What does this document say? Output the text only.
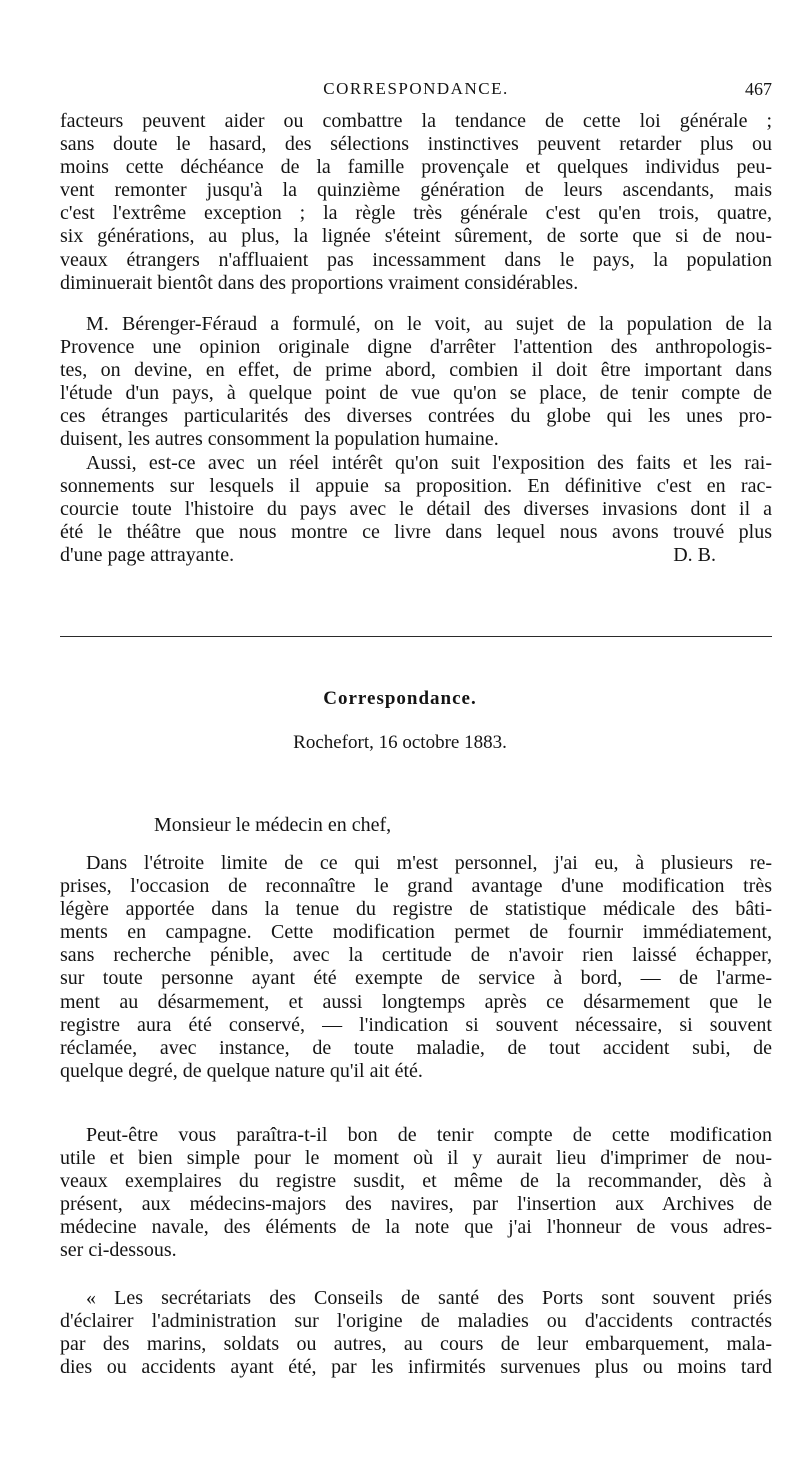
CORRESPONDANCE.	467

facteurs peuvent aider ou combattre la tendance de cette loi générale ;

sans doute le hasard, des sélections instinctives peuvent retarder plus ou

moins cette déchéance de la famille provençale et quelques individus peu-

vent remonter jusqu'à la quinzième génération de leurs ascendants, mais

c'est l'extrême exception ; la règle très générale c'est qu'en trois, quatre,

six générations, au plus, la lignée s'éteint sûrement, de sorte que si de nou-

veaux étrangers n'affluaient pas incessamment dans le pays, la population

diminuerait bientôt dans des proportions vraiment considérables.

M. Bérenger-Féraud a formulé, on le voit, au sujet de la population de la

Provence une opinion originale digne d'arrêter l'attention des anthropologis-

tes, on devine, en effet, de prime abord, combien il doit être important dans

l'étude d'un pays, à quelque point de vue qu'on se place, de tenir compte de

ces étranges particularités des diverses contrées du globe qui les unes pro-

duisent, les autres consomment la population humaine.

Aussi, est-ce avec un réel intérêt qu'on suit l'exposition des faits et les rai-

sonnements sur lesquels il appuie sa proposition. En définitive c'est en rac-

courcie toute l'histoire du pays avec le détail des diverses invasions dont il a

été le théâtre que nous montre ce livre dans lequel nous avons trouvé plus

d'une page attrayante.	D. B.

Correspondance.
Rochefort, 16 octobre 1883.
Monsieur le médecin en chef,

Dans l'étroite limite de ce qui m'est personnel, j'ai eu, à plusieurs re-

prises, l'occasion de reconnaître le grand avantage d'une modification très

légère apportée dans la tenue du registre de statistique médicale des bâti-

ments en campagne. Cette modification permet de fournir immédiatement,

sans recherche pénible, avec la certitude de n'avoir rien laissé échapper,

sur toute personne ayant été exempte de service à bord, — de l'arme-

ment au désarmement, et aussi longtemps après ce désarmement que le

registre aura été conservé, — l'indication si souvent nécessaire, si souvent

réclamée, avec instance, de toute maladie, de tout accident subi, de

quelque degré, de quelque nature qu'il ait été.

Peut-être vous paraîtra-t-il bon de tenir compte de cette modification

utile et bien simple pour le moment où il y aurait lieu d'imprimer de nou-

veaux exemplaires du registre susdit, et même de la recommander, dès à

présent, aux médecins-majors des navires, par l'insertion aux Archives de

médecine navale, des éléments de la note que j'ai l'honneur de vous adres-

ser ci-dessous.

« Les secrétariats des Conseils de santé des Ports sont souvent priés

d'éclairer l'administration sur l'origine de maladies ou d'accidents contractés

par des marins, soldats ou autres, au cours de leur embarquement, mala-

dies ou accidents ayant été, par les infirmités survenues plus ou moins tard
